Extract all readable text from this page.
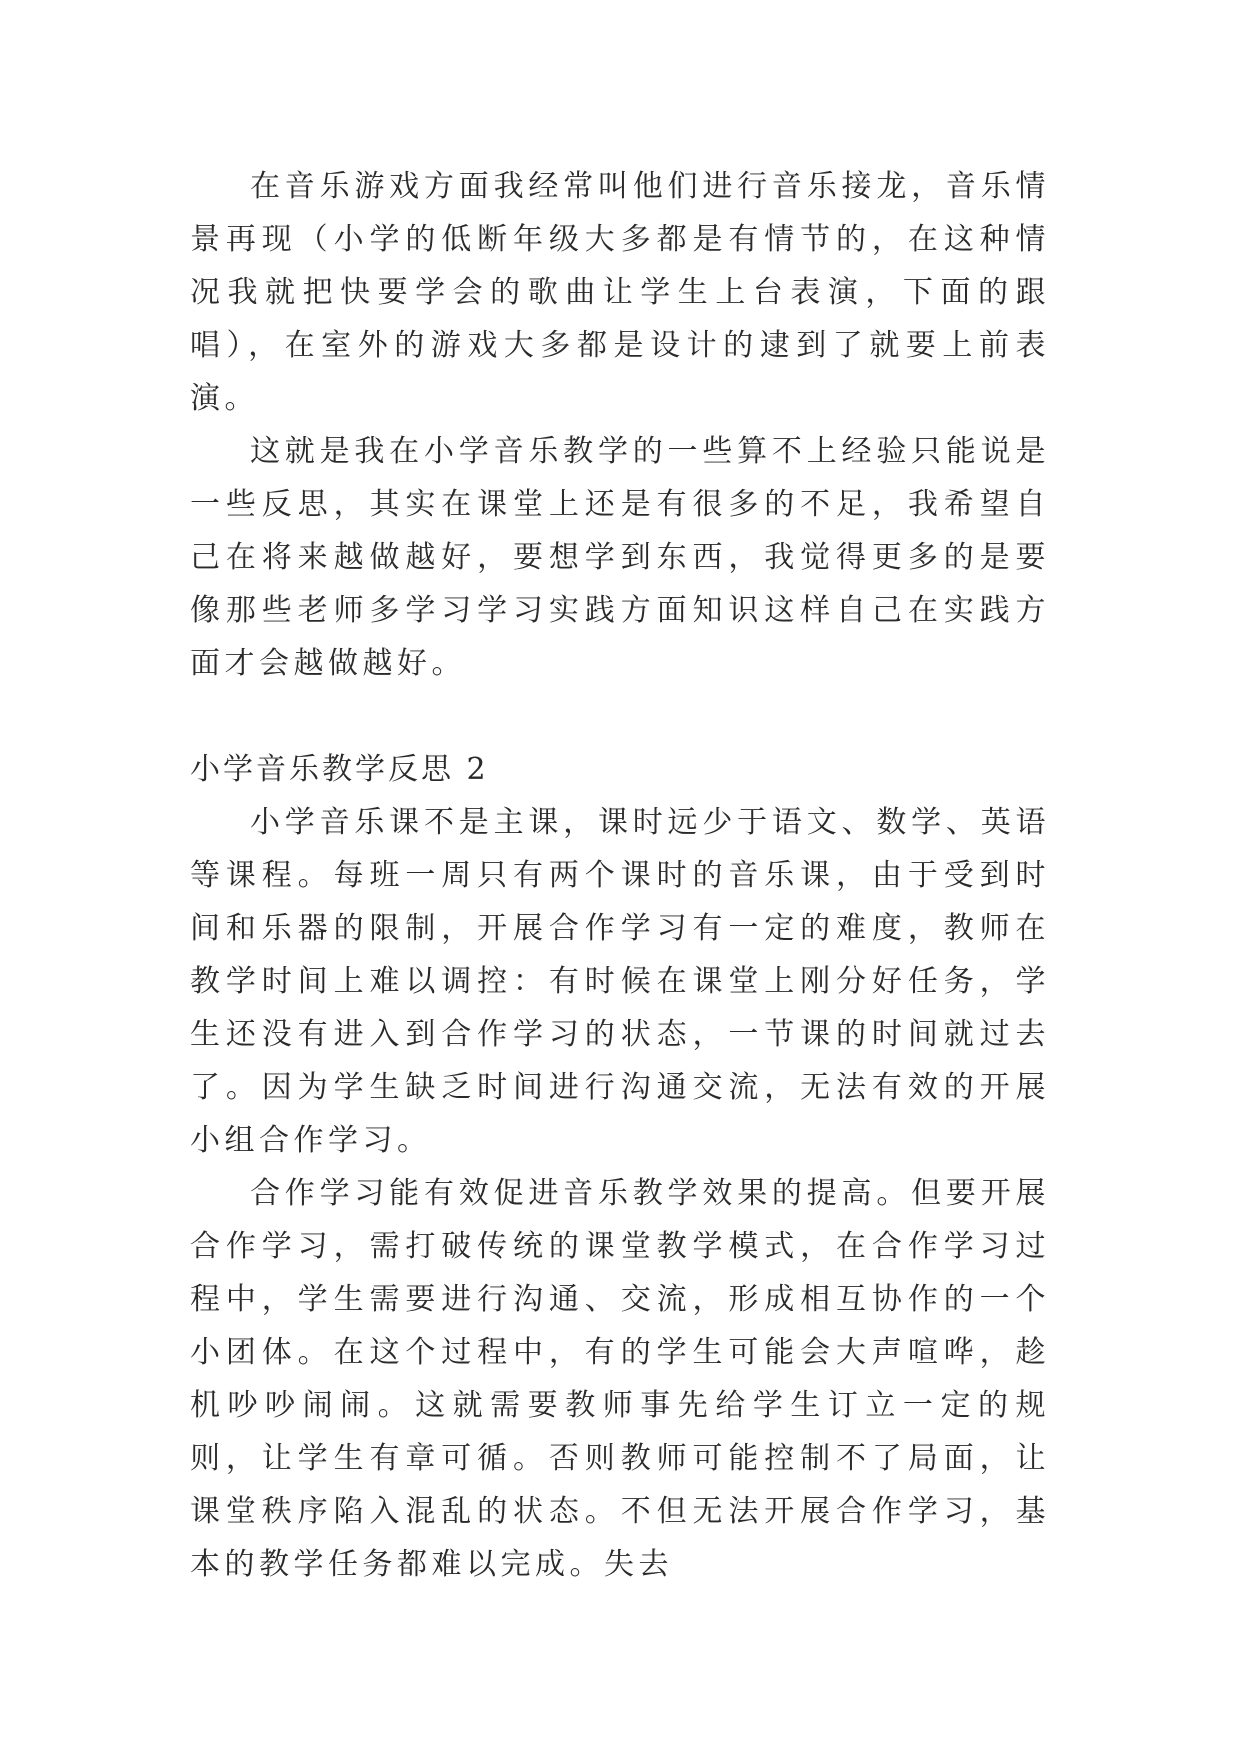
在音乐游戏方面我经常叫他们进行音乐接龙，音乐情景再现（小学的低断年级大多都是有情节的，在这种情况我就把快要学会的歌曲让学生上台表演，下面的跟唱），在室外的游戏大多都是设计的逮到了就要上前表演。

这就是我在小学音乐教学的一些算不上经验只能说是一些反思，其实在课堂上还是有很多的不足，我希望自己在将来越做越好，要想学到东西，我觉得更多的是要像那些老师多学习学习实践方面知识这样自己在实践方面才会越做越好。

小学音乐教学反思 2

小学音乐课不是主课，课时远少于语文、数学、英语等课程。每班一周只有两个课时的音乐课，由于受到时间和乐器的限制，开展合作学习有一定的难度，教师在教学时间上难以调控：有时候在课堂上刚分好任务，学生还没有进入到合作学习的状态，一节课的时间就过去了。因为学生缺乏时间进行沟通交流，无法有效的开展小组合作学习。

合作学习能有效促进音乐教学效果的提高。但要开展合作学习，需打破传统的课堂教学模式，在合作学习过程中，学生需要进行沟通、交流，形成相互协作的一个小团体。在这个过程中，有的学生可能会大声喧哗，趁机吵吵闹闹。这就需要教师事先给学生订立一定的规则，让学生有章可循。否则教师可能控制不了局面，让课堂秩序陷入混乱的状态。不但无法开展合作学习，基本的教学任务都难以完成。失去
